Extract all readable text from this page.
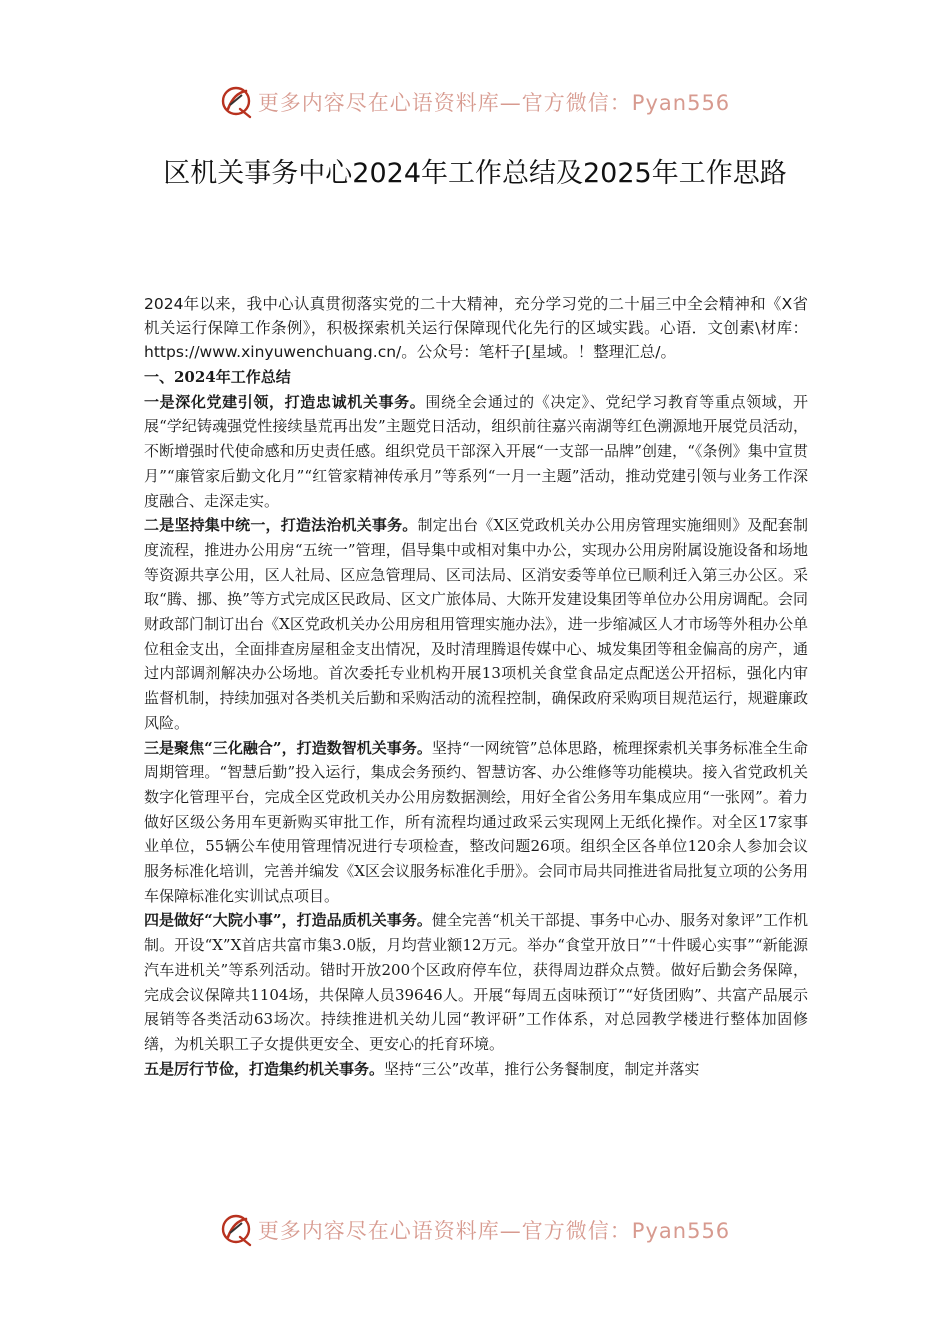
更多内容尽在心语资料库—官方微信：Pyan556
区机关事务中心2024年工作总结及2025年工作思路

2024年以来，我中心认真贯彻落实党的二十大精神，充分学习党的二十届三中全会精神和《X省机关运行保障工作条例》，积极探索机关运行保障现代化先行的区域实践。心语．文创素\材库：https://www.xinyuwenchuang.cn/。公众号：笔杆子[星域。！整理汇总/。

一、2024年工作总结

一是深化党建引领，打造忠诚机关事务。围绕全会通过的《决定》、党纪学习教育等重点领域，开展“学纪铸魂强党性接续垦荒再出发”主题党日活动，组织前往嘉兴南湖等红色溯源地开展党员活动，不断增强时代使命感和历史责任感。组织党员干部深入开展“一支部一品牌”创建，“《条例》集中宣贯月”“廉管家后勤文化月”“红管家精神传承月”等系列“一月一主题”活动，推动党建引领与业务工作深度融合、走深走实。

二是坚持集中统一，打造法治机关事务。制定出台《X区党政机关办公用房管理实施细则》及配套制度流程，推进办公用房“五统一”管理，倡导集中或相对集中办公，实现办公用房附属设施设备和场地等资源共享公用，区人社局、区应急管理局、区司法局、区消安委等单位已顺利迁入第三办公区。采取“腾、挪、换”等方式完成区民政局、区文广旅体局、大陈开发建设集团等单位办公用房调配。会同财政部门制订出台《X区党政机关办公用房租用管理实施办法》，进一步缩减区人才市场等外租办公单位租金支出，全面排查房屋租金支出情况，及时清理腾退传媒中心、城发集团等租金偏高的房产，通过内部调剂解决办公场地。首次委托专业机构开展13项机关食堂食品定点配送公开招标，强化内审监督机制，持续加强对各类机关后勤和采购活动的流程控制，确保政府采购项目规范运行，规避廉政风险。

三是聚焦“三化融合”，打造数智机关事务。坚持“一网统管”总体思路，梳理探索机关事务标准全生命周期管理。“智慧后勤”投入运行，集成会务预约、智慧访客、办公维修等功能模块。接入省党政机关数字化管理平台，完成全区党政机关办公用房数据测绘，用好全省公务用车集成应用“一张网”。着力做好区级公务用车更新购买审批工作，所有流程均通过政采云实现网上无纸化操作。对全区17家事业单位，55辆公车使用管理情况进行专项检查，整改问题26项。组织全区各单位120余人参加会议服务标准化培训，完善并编发《X区会议服务标准化手册》。会同市局共同推进省局批复立项的公务用车保障标准化实训试点项目。

四是做好“大院小事”，打造品质机关事务。健全完善“机关干部提、事务中心办、服务对象评”工作机制。开设“X”X首店共富市集3.0版，月均营业额12万元。举办“食堂开放日”“十件暖心实事”“新能源汽车进机关”等系列活动。错时开放200个区政府停车位，获得周边群众点赞。做好后勤会务保障，完成会议保障共1104场，共保障人员39646人。开展“每周五卤味预订”“好货团购”、共富产品展示展销等各类活动63场次。持续推进机关幼儿园“教评研”工作体系，对总园教学楼进行整体加固修缮，为机关职工子女提供更安全、更安心的托育环境。

五是厉行节俭，打造集约机关事务。坚持“三公”改革，推行公务餐制度，制定并落实

更多内容尽在心语资料库—官方微信：Pyan556
